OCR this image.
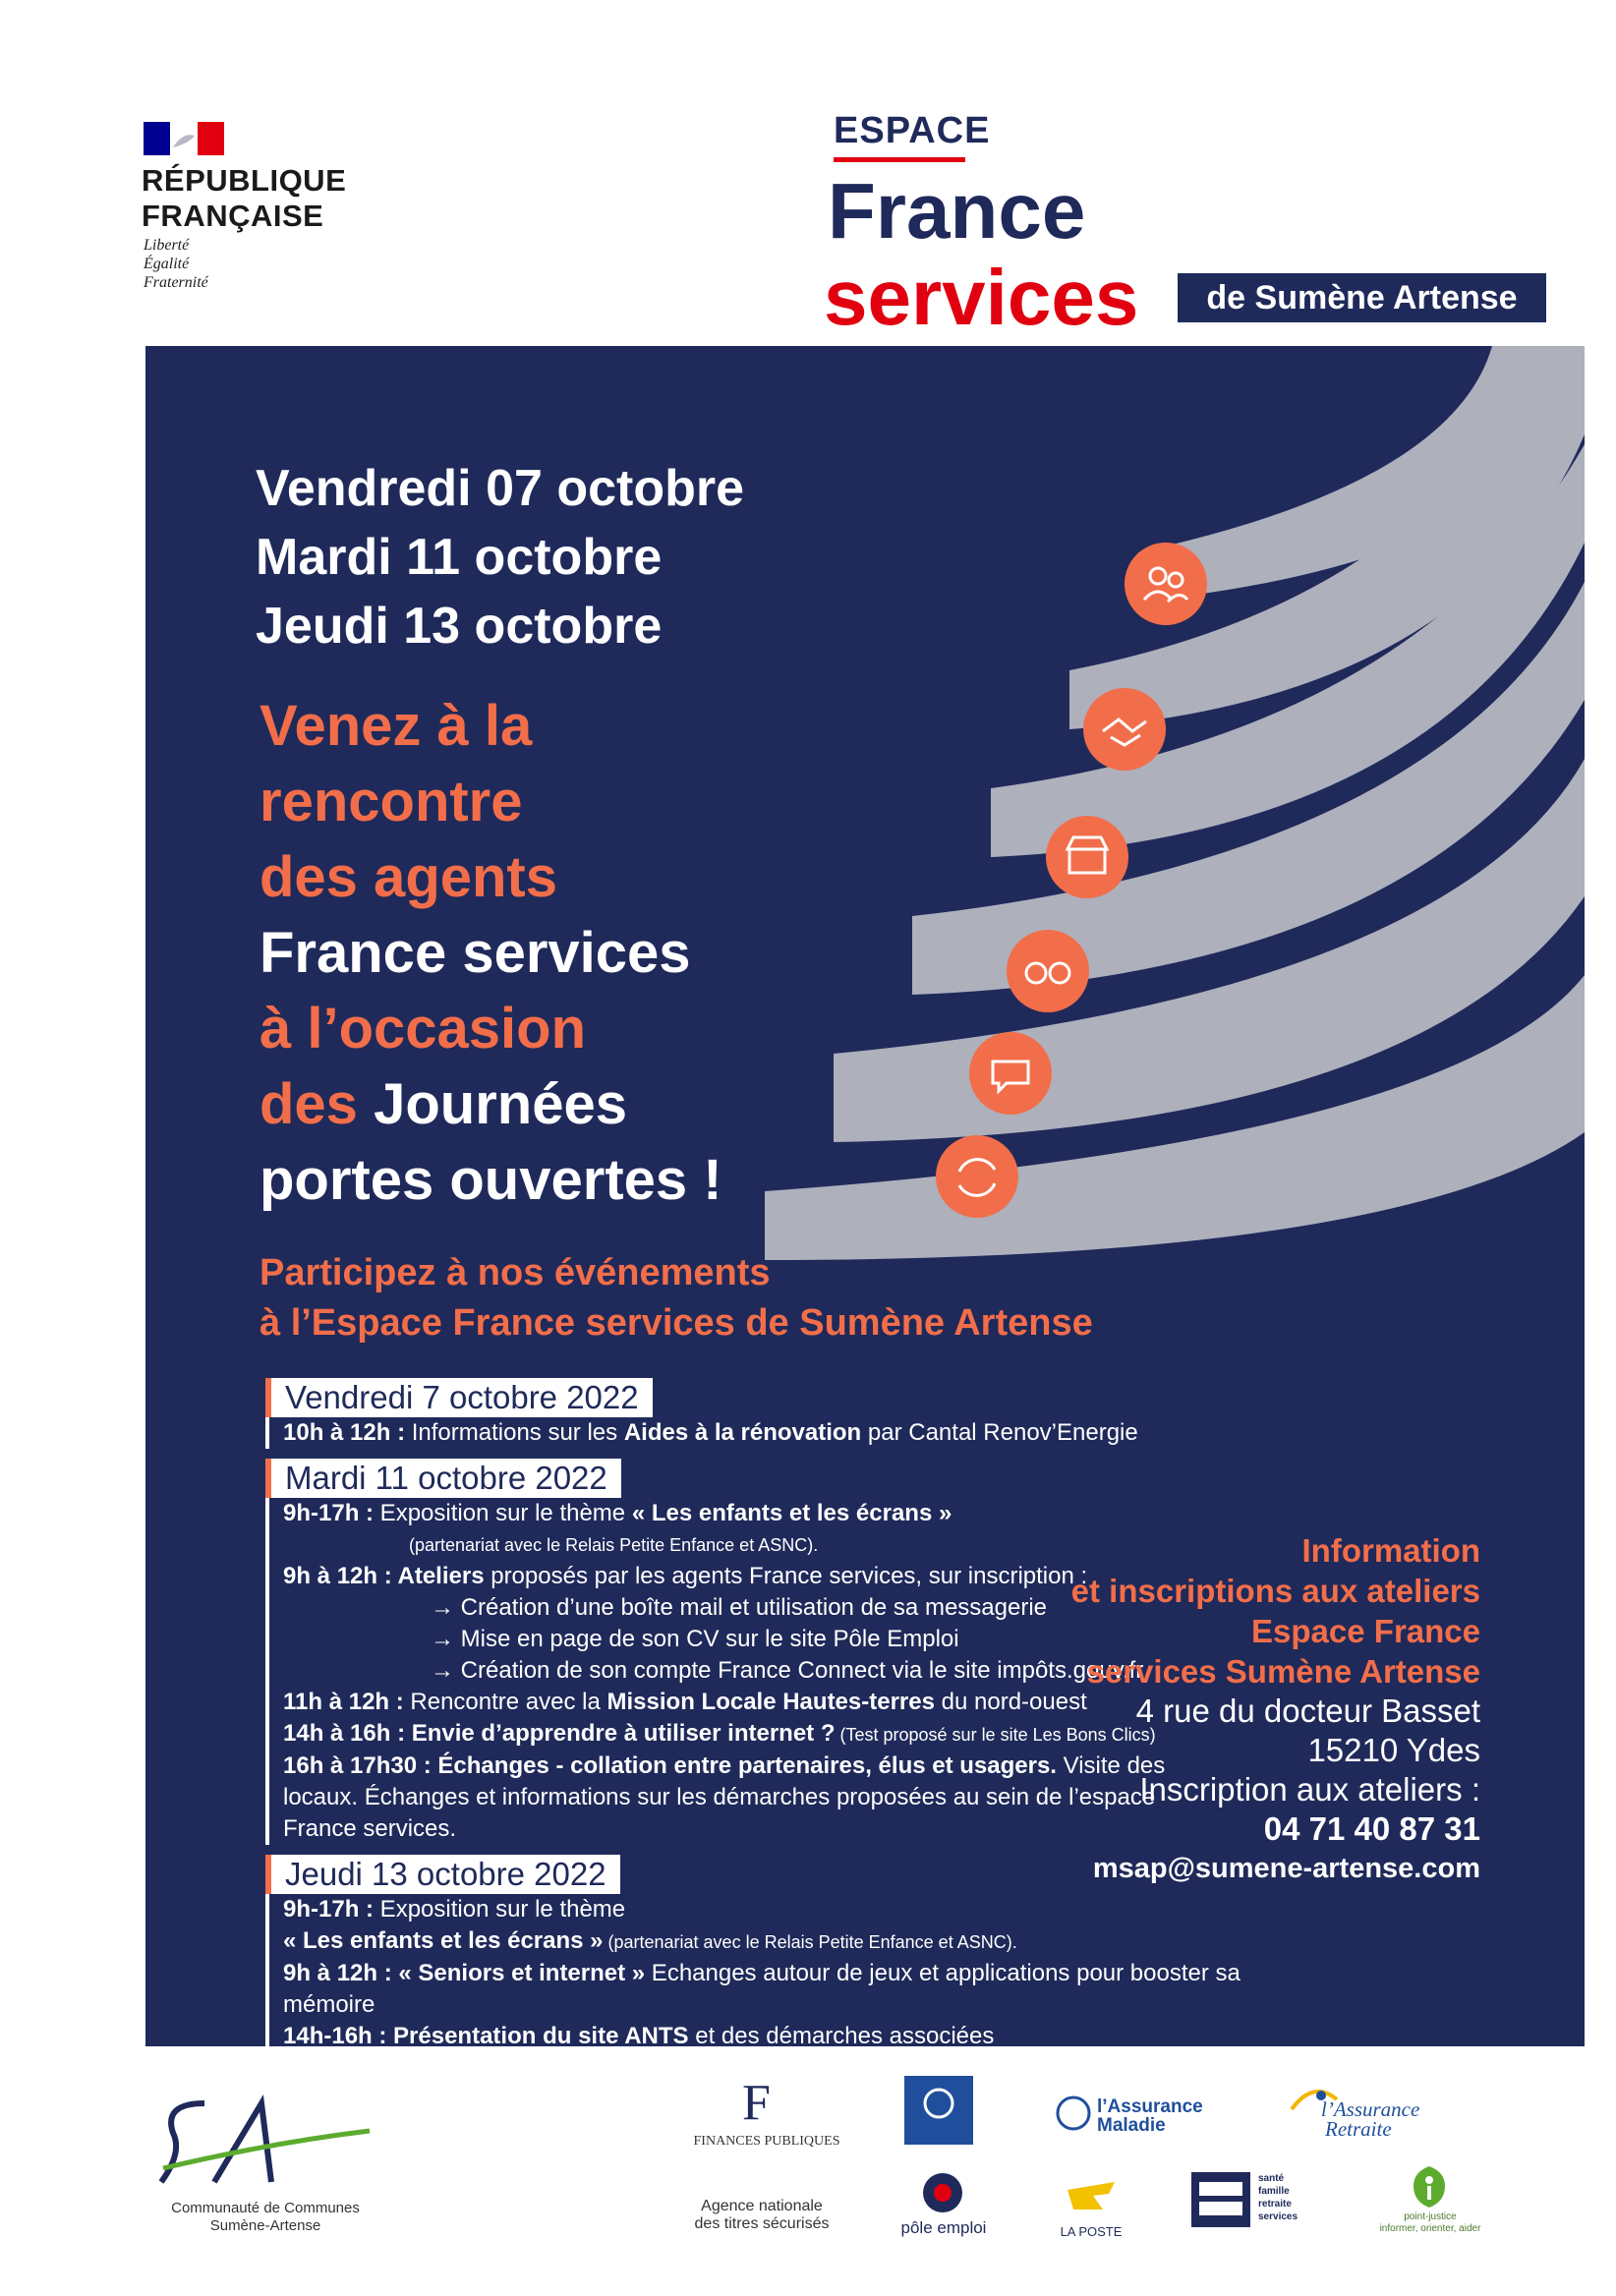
RÉPUBLIQUE
FRANÇAISE
Liberté
Égalité
Fraternité
ESPACE
France
services	de Sumène Artense
Vendredi 07 octobre
Mardi 11 octobre
Jeudi 13 octobre
Venez à la
rencontre
des agents
France services
à l’occasion
des Journées
portes ouvertes !
Participez à nos événements
à l’Espace France services de Sumène Artense
Vendredi 7 octobre 2022
10h à 12h : Informations sur les Aides à la rénovation par Cantal Renov’Energie
Mardi 11 octobre 2022
9h-17h : Exposition sur le thème « Les enfants et les écrans »
(partenariat avec le Relais Petite Enfance et ASNC).
9h à 12h : Ateliers proposés par les agents France services, sur inscription :
→ Création d’une boîte mail et utilisation de sa messagerie
→ Mise en page de son CV sur le site Pôle Emploi
→ Création de son compte France Connect via le site impôts.gouv.fr
11h à 12h : Rencontre avec la Mission Locale Hautes-terres du nord-ouest
14h à 16h : Envie d’apprendre à utiliser internet ? (Test proposé sur le site Les Bons Clics)
16h à 17h30 : Échanges - collation entre partenaires, élus et usagers. Visite des
locaux. Échanges et informations sur les démarches proposées au sein de l’espace
France services.
Jeudi 13 octobre 2022
9h-17h : Exposition sur le thème
« Les enfants et les écrans » (partenariat avec le Relais Petite Enfance et ASNC).
9h à 12h : « Seniors et internet » Echanges autour de jeux et applications pour booster sa mémoire
14h-16h : Présentation du site ANTS et des démarches associées
Information
et inscriptions aux ateliers
Espace France
services Sumène Artense
4 rue du docteur Basset
15210 Ydes
Inscription aux ateliers :
04 71 40 87 31
msap@sumene-artense.com
Communauté de Communes
Sumène-Artense
F
FINANCES PUBLIQUES
l’Assurance
Maladie
l’Assurance
Retraite
Agence nationale
des titres sécurisés	pôle emploi	LA POSTE
santé
famille
retraite
services	point-justice
informer, orienter, aider
